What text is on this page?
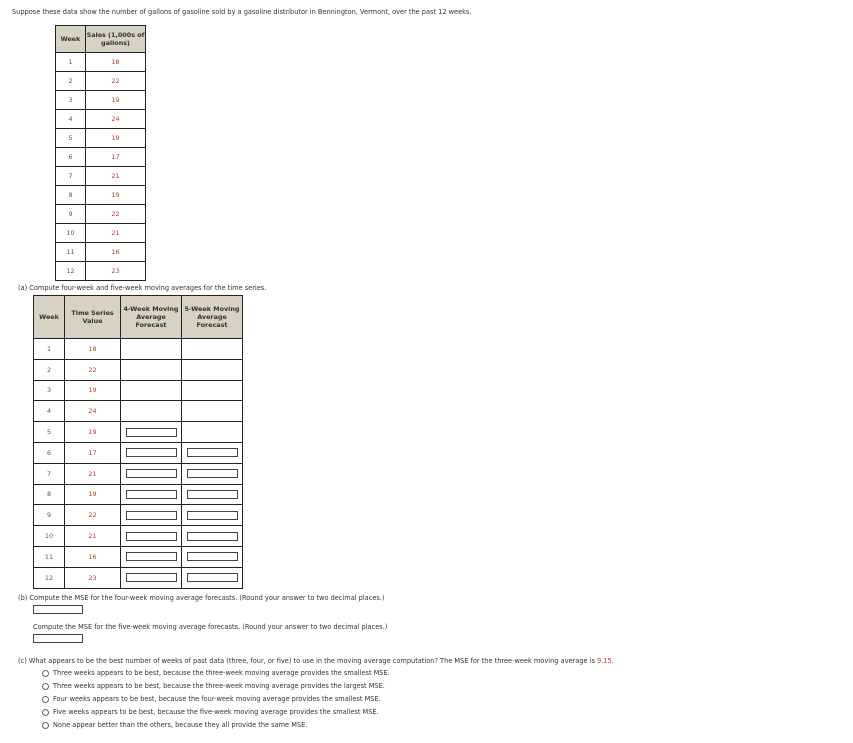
Suppose these data show the number of gallons of gasoline sold by a gasoline distributor in Bennington, Vermont, over the past 12 weeks.
Week	Sales (1,000s of gallons)
1	18
2	22
3	19
4	24
5	19
6	17
7	21
8	19
9	22
10	21
11	16
12	23
(a) Compute four-week and five-week moving averages for the time series.
Week	Time Series Value	4-Week Moving Average Forecast	5-Week Moving Average Forecast
1	18		
2	22		
3	19		
4	24		
5	19		
6	17		
7	21		
8	19		
9	22		
10	21		
11	16		
12	23		
(b) Compute the MSE for the four-week moving average forecasts. (Round your answer to two decimal places.)
Compute the MSE for the five-week moving average forecasts. (Round your answer to two decimal places.)
(c) What appears to be the best number of weeks of past data (three, four, or five) to use in the moving average computation? The MSE for the three-week moving average is 9.15.
Three weeks appears to be best, because the three-week moving average provides the smallest MSE.
Three weeks appears to be best, because the three-week moving average provides the largest MSE.
Four weeks appears to be best, because the four-week moving average provides the smallest MSE.
Five weeks appears to be best, because the five-week moving average provides the smallest MSE.
None appear better than the others, because they all provide the same MSE.
